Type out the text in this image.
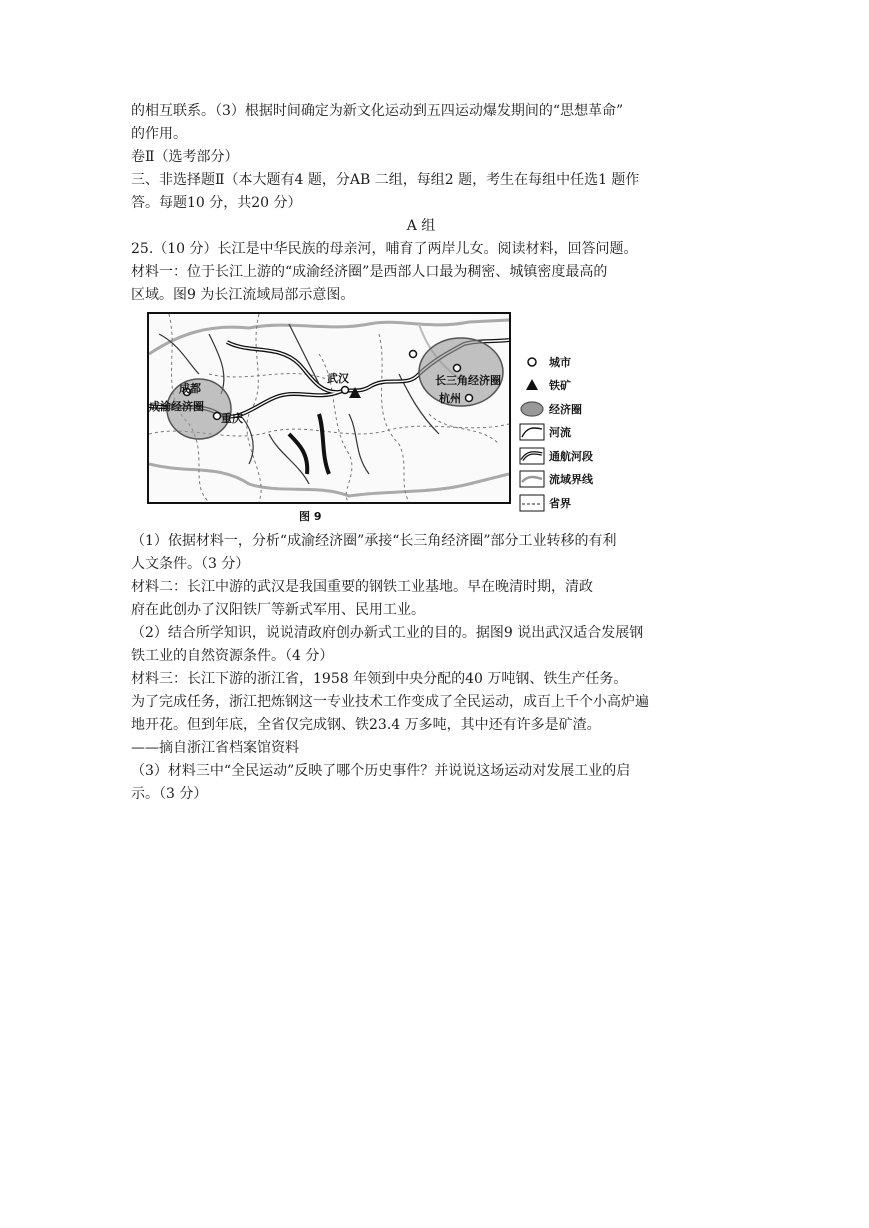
的相互联系。（3）根据时间确定为新文化运动到五四运动爆发期间的“思想革命”
的作用。
卷Ⅱ（选考部分）
三、非选择题Ⅱ（本大题有4 题，分AB 二组，每组2 题，考生在每组中任选1 题作
答。每题10 分，共20 分）
A 组
25.（10 分）长江是中华民族的母亲河，哺育了两岸儿女。阅读材料，回答问题。
材料一：位于长江上游的“成渝经济圈”是西部人口最为稠密、城镇密度最高的
区域。图9 为长江流域局部示意图。
成都
成渝经济圈
重庆
武汉	长三角经济圈
杭州
城市
铁矿
经济圈
河流
通航河段
流域界线
省界
图 9
（1）依据材料一，分析“成渝经济圈”承接“长三角经济圈”部分工业转移的有利
人文条件。（3 分）
材料二：长江中游的武汉是我国重要的钢铁工业基地。早在晚清时期，清政
府在此创办了汉阳铁厂等新式军用、民用工业。
（2）结合所学知识，说说清政府创办新式工业的目的。据图9 说出武汉适合发展钢
铁工业的自然资源条件。（4 分）
材料三：长江下游的浙江省，1958 年领到中央分配的40 万吨钢、铁生产任务。
为了完成任务，浙江把炼钢这一专业技术工作变成了全民运动，成百上千个小高炉遍
地开花。但到年底，全省仅完成钢、铁23.4 万多吨，其中还有许多是矿渣。
——摘自浙江省档案馆资料
（3）材料三中“全民运动”反映了哪个历史事件？并说说这场运动对发展工业的启
示。（3 分）
